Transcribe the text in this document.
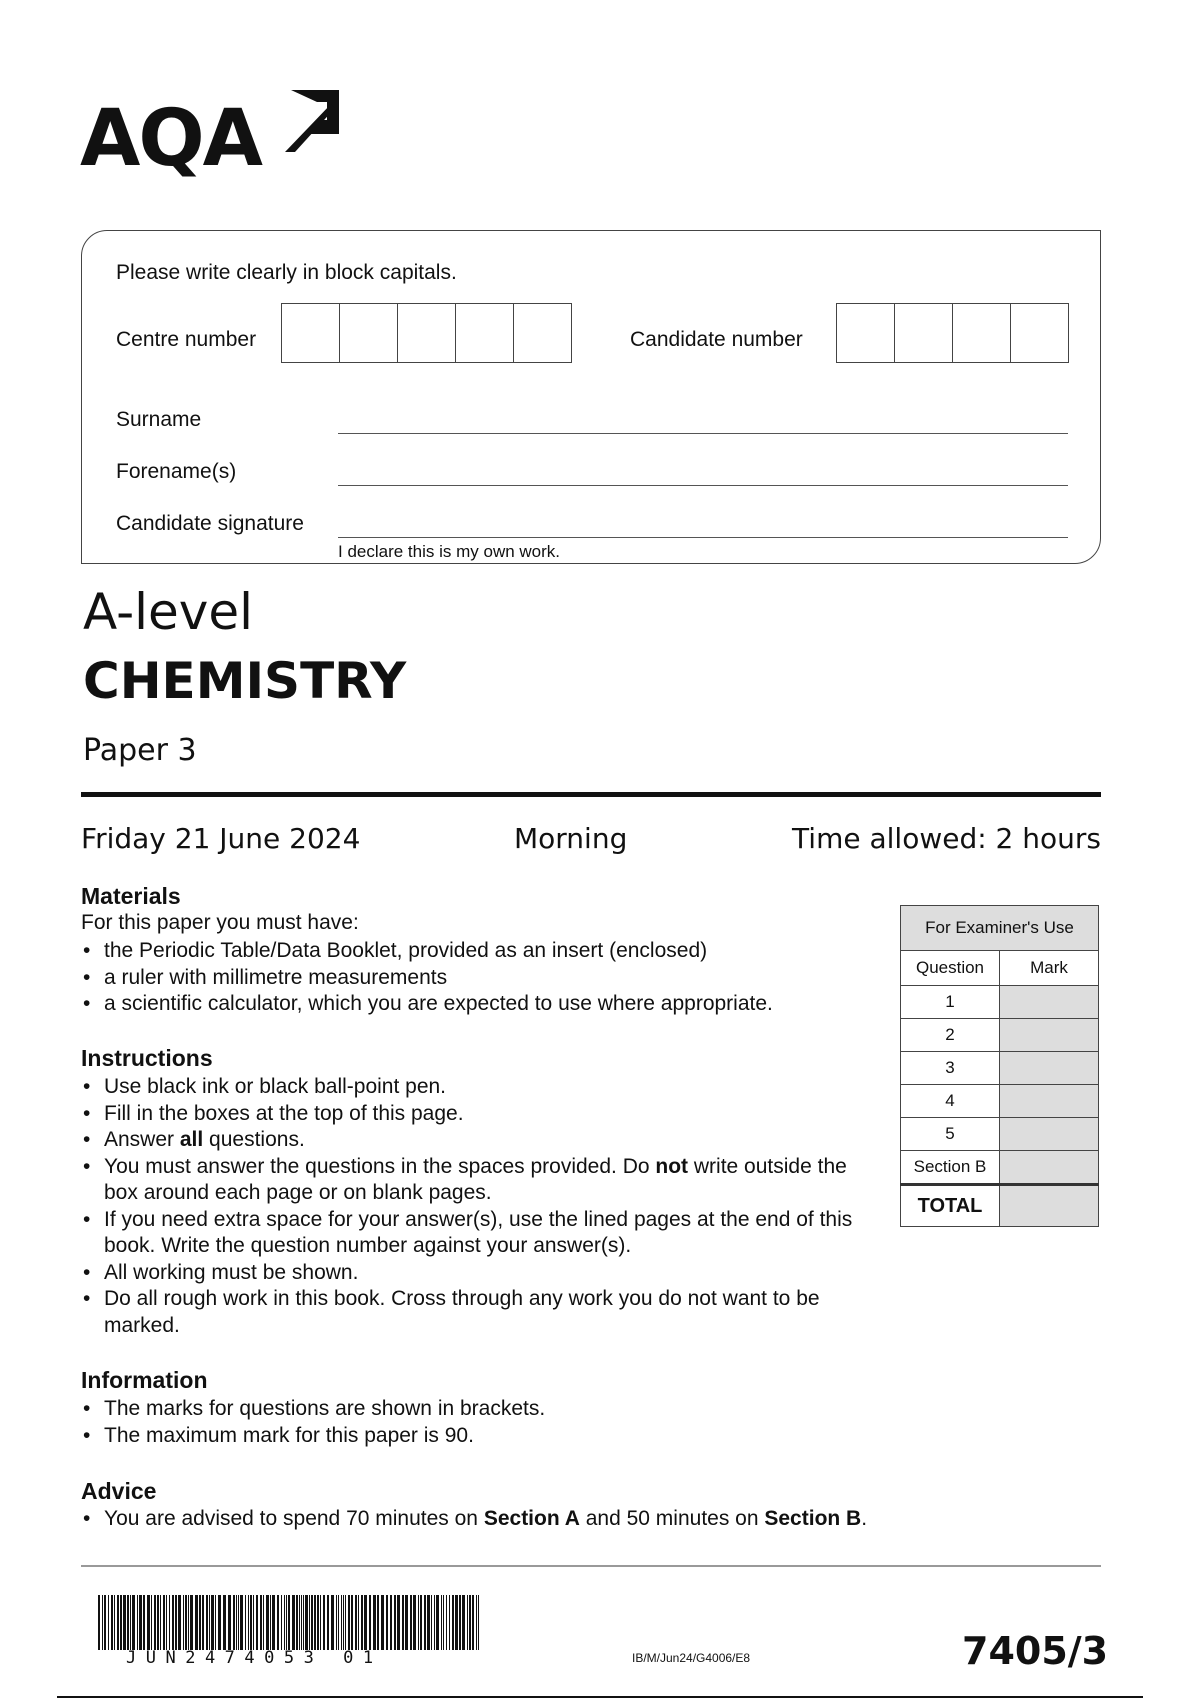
AQA
Please write clearly in block capitals.
Centre number	Candidate number
Surname
Forename(s)
Candidate signature
I declare this is my own work.
A-level
CHEMISTRY
Paper 3
Friday 21 June 2024	Morning	Time allowed: 2 hours
Materials
For this paper you must have:
• the Periodic Table/Data Booklet, provided as an insert (enclosed)
• a ruler with millimetre measurements
• a scientific calculator, which you are expected to use where appropriate.
Instructions
• Use black ink or black ball-point pen.
• Fill in the boxes at the top of this page.
• Answer all questions.
• You must answer the questions in the spaces provided. Do not write outside the box around each page or on blank pages.
• If you need extra space for your answer(s), use the lined pages at the end of this book. Write the question number against your answer(s).
• All working must be shown.
• Do all rough work in this book. Cross through any work you do not want to be marked.
Information
• The marks for questions are shown in brackets.
• The maximum mark for this paper is 90.
Advice
• You are advised to spend 70 minutes on Section A and 50 minutes on Section B.
For Examiner's Use	
Question	Mark
1	
2	
3	
4	
5	
Section B	
TOTAL	
JUN2474053 01	IB/M/Jun24/G4006/E8	7405/3
